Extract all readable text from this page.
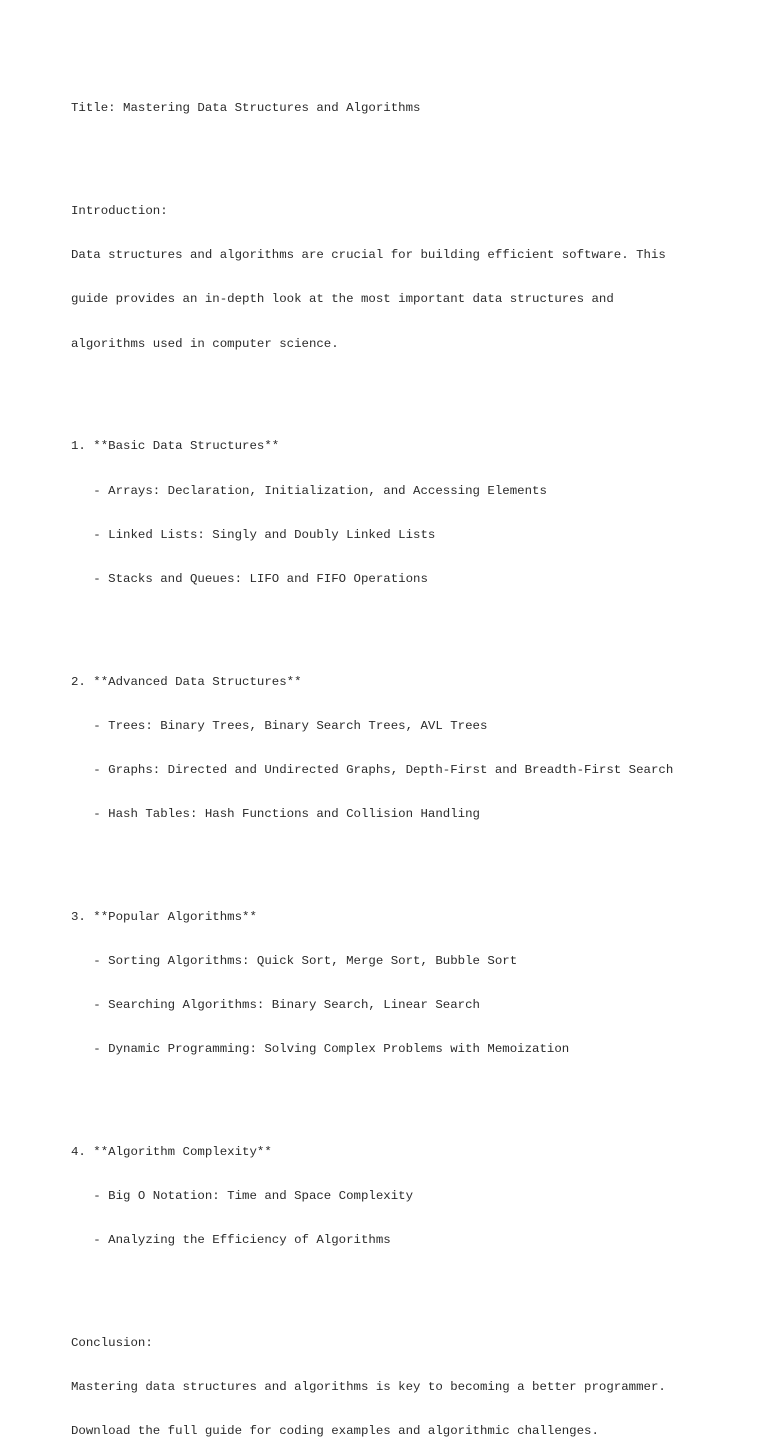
Title: Mastering Data Structures and Algorithms

Introduction:

Data structures and algorithms are crucial for building efficient software. This

guide provides an in-depth look at the most important data structures and

algorithms used in computer science.

1. **Basic Data Structures**

- Arrays: Declaration, Initialization, and Accessing Elements

- Linked Lists: Singly and Doubly Linked Lists

- Stacks and Queues: LIFO and FIFO Operations

2. **Advanced Data Structures**

- Trees: Binary Trees, Binary Search Trees, AVL Trees

- Graphs: Directed and Undirected Graphs, Depth-First and Breadth-First Search

- Hash Tables: Hash Functions and Collision Handling

3. **Popular Algorithms**

- Sorting Algorithms: Quick Sort, Merge Sort, Bubble Sort

- Searching Algorithms: Binary Search, Linear Search

- Dynamic Programming: Solving Complex Problems with Memoization

4. **Algorithm Complexity**

- Big O Notation: Time and Space Complexity

- Analyzing the Efficiency of Algorithms

Conclusion:

Mastering data structures and algorithms is key to becoming a better programmer.

Download the full guide for coding examples and algorithmic challenges.
